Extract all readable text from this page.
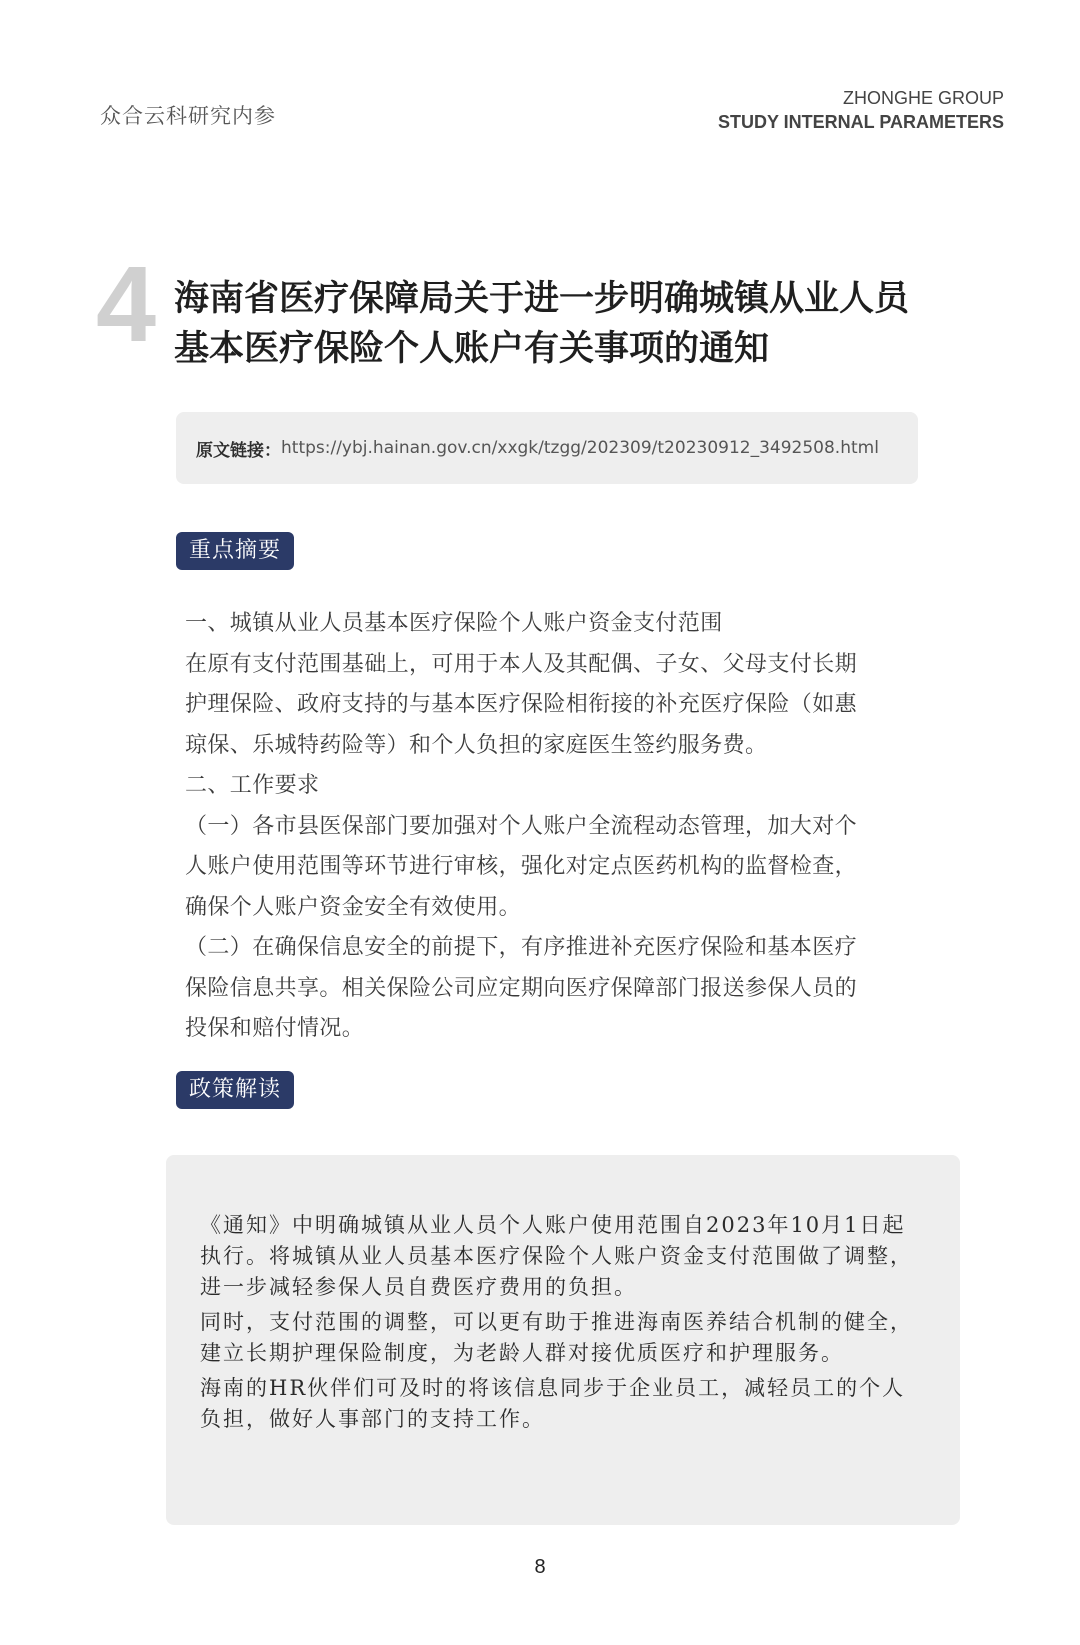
众合云科研究内参
ZHONGHE GROUP
STUDY INTERNAL PARAMETERS
4 海南省医疗保障局关于进一步明确城镇从业人员
基本医疗保险个人账户有关事项的通知
原文链接： https://ybj.hainan.gov.cn/xxgk/tzgg/202309/t20230912_3492508.html
重点摘要

一、城镇从业人员基本医疗保险个人账户资金支付范围

在原有支付范围基础上，可用于本人及其配偶、子女、父母支付长期

护理保险、政府支持的与基本医疗保险相衔接的补充医疗保险（如惠

琼保、乐城特药险等）和个人负担的家庭医生签约服务费。

二、工作要求

（一）各市县医保部门要加强对个人账户全流程动态管理，加大对个

人账户使用范围等环节进行审核，强化对定点医药机构的监督检查，

确保个人账户资金安全有效使用。

（二）在确保信息安全的前提下，有序推进补充医疗保险和基本医疗

保险信息共享。相关保险公司应定期向医疗保障部门报送参保人员的

投保和赔付情况。

政策解读

《通知》中明确城镇从业人员个人账户使用范围自2023年10月1日起执行。将城镇从业人员基本医疗保险个人账户资金支付范围做了调整，进一步减轻参保人员自费医疗费用的负担。

同时，支付范围的调整，可以更有助于推进海南医养结合机制的健全，建立长期护理保险制度，为老龄人群对接优质医疗和护理服务。

海南的HR伙伴们可及时的将该信息同步于企业员工，减轻员工的个人负担，做好人事部门的支持工作。

8
